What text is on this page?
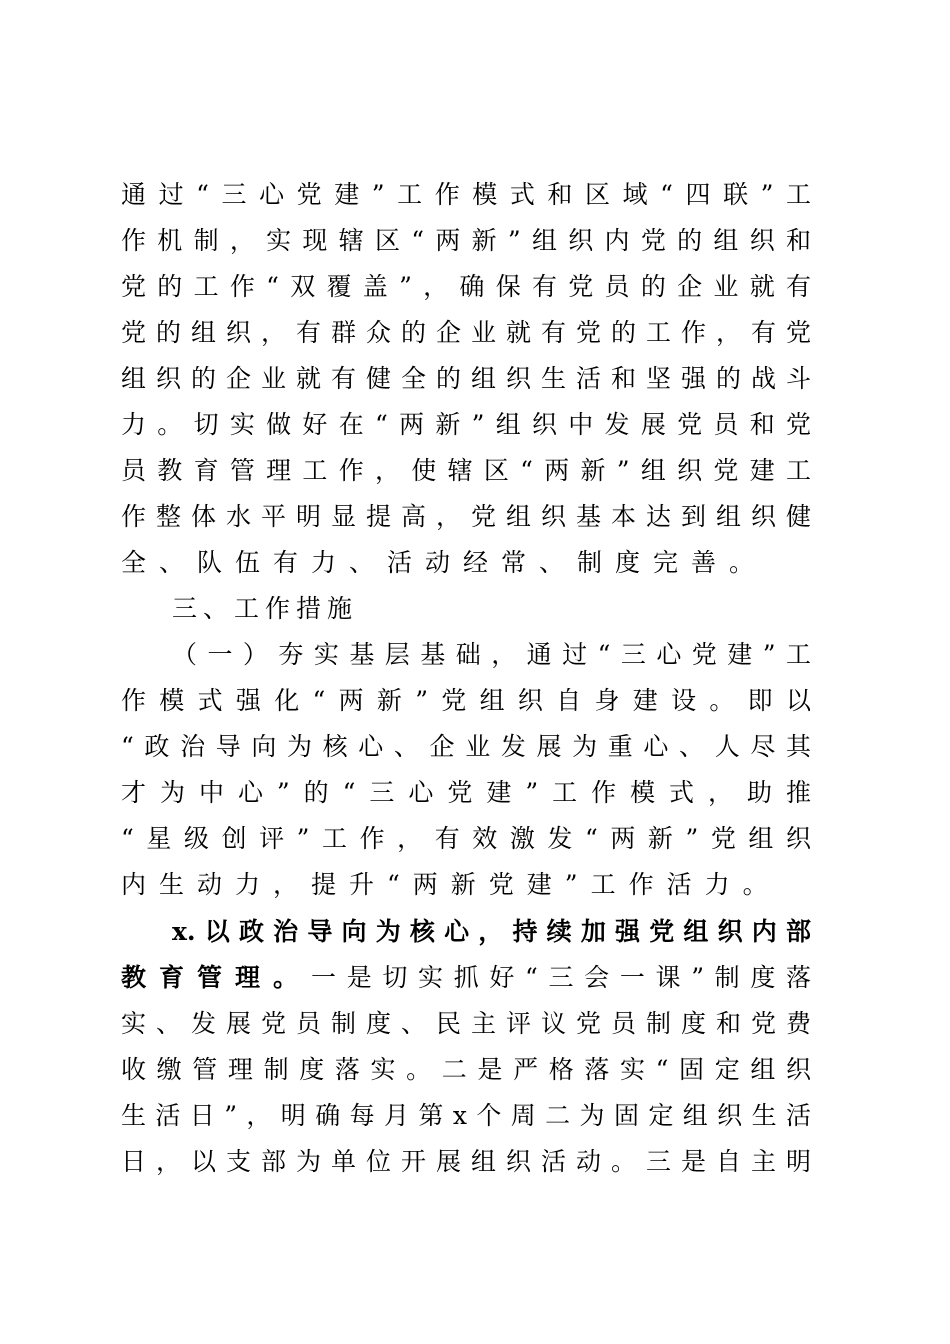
通过“三心党建”工作模式和区域“四联”工
作机制，实现辖区“两新”组织内党的组织和
党的工作“双覆盖”，确保有党员的企业就有
党的组织，有群众的企业就有党的工作，有党
组织的企业就有健全的组织生活和坚强的战斗
力。切实做好在“两新”组织中发展党员和党
员教育管理工作，使辖区“两新”组织党建工
作整体水平明显提高，党组织基本达到组织健
全、队伍有力、活动经常、制度完善。
三、工作措施
（一）夯实基层基础，通过“三心党建”工
作模式强化“两新”党组织自身建设。即以
“政治导向为核心、企业发展为重心、人尽其
才为中心”的“三心党建”工作模式，助推
“星级创评”工作，有效激发“两新”党组织
内生动力，提升“两新党建”工作活力。
x.以政治导向为核心，持续加强党组织内部
教育管理。 一是切实抓好“三会一课”制度落
实、发展党员制度、民主评议党员制度和党费
收缴管理制度落实。二是严格落实“固定组织
生活日”，明确每月第x个周二为固定组织生活
日，以支部为单位开展组织活动。三是自主明
